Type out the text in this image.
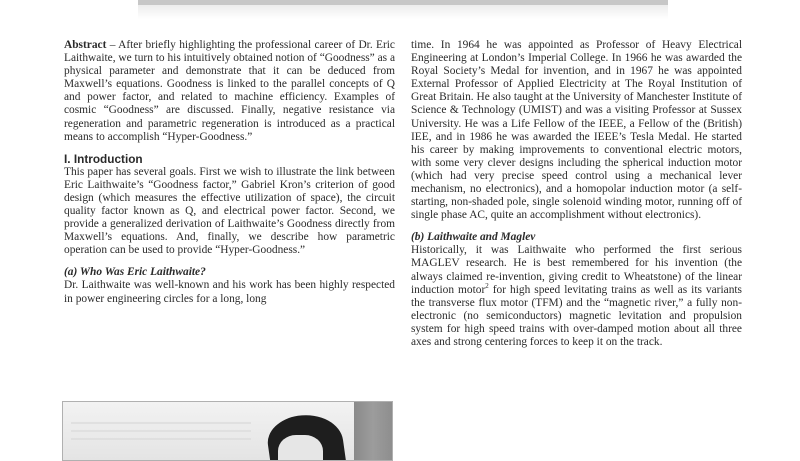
Abstract – After briefly highlighting the professional career of Dr. Eric Laithwaite, we turn to his intuitively obtained notion of “Goodness” as a physical parameter and demonstrate that it can be deduced from Maxwell’s equations. Goodness is linked to the parallel concepts of Q and power factor, and related to machine efficiency. Examples of cosmic “Goodness” are discussed. Finally, negative resistance via regeneration and parametric regeneration is introduced as a practical means to accomplish “Hyper-Goodness.”

I. Introduction

This paper has several goals. First we wish to illustrate the link between Eric Laithwaite’s “Goodness factor,” Gabriel Kron’s criterion of good design (which measures the effective utilization of space), the circuit quality factor known as Q, and electrical power factor. Second, we provide a generalized derivation of Laithwaite’s Goodness directly from Maxwell’s equations. And, finally, we describe how parametric operation can be used to provide “Hyper-Goodness.”

(a) Who Was Eric Laithwaite?

Dr. Laithwaite was well-known and his work has been highly respected in power engineering circles for a long, long

time. In 1964 he was appointed as Professor of Heavy Electrical Engineering at London’s Imperial College. In 1966 he was awarded the Royal Society’s Medal for invention, and in 1967 he was appointed External Professor of Applied Electricity at The Royal Institution of Great Britain. He also taught at the University of Manchester Institute of Science & Technology (UMIST) and was a visiting Professor at Sussex University. He was a Life Fellow of the IEEE, a Fellow of the (British) IEE, and in 1986 he was awarded the IEEE’s Tesla Medal. He started his career by making improvements to conventional electric motors, with some very clever designs including the spherical induction motor (which had very precise speed control using a mechanical lever mechanism, no electronics), and a homopolar induction motor (a self-starting, non-shaded pole, single solenoid winding motor, running off of single phase AC, quite an accomplishment without electronics).

(b) Laithwaite and Maglev

Historically, it was Laithwaite who performed the first serious MAGLEV research. He is best remembered for his invention (the always claimed re-invention, giving credit to Wheatstone) of the linear induction motor$^2$ for high speed levitating trains as well as its variants the transverse flux motor (TFM) and the “magnetic river,” a fully non-electronic (no semiconductors) magnetic levitation and propulsion system for high speed trains with over-damped motion about all three axes and strong centering forces to keep it on the track.
